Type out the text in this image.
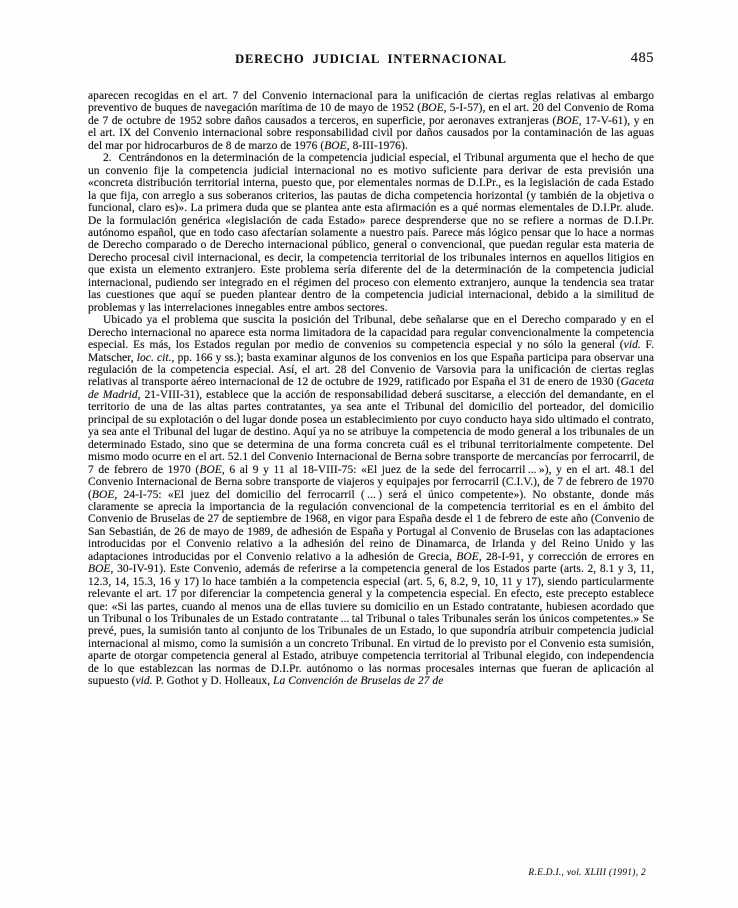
DERECHO JUDICIAL INTERNACIONAL	485

aparecen recogidas en el art. 7 del Convenio internacional para la unificación de ciertas reglas relativas al embargo preventivo de buques de navegación marítima de 10 de mayo de 1952 (BOE, 5-I-57), en el art. 20 del Convenio de Roma de 7 de octubre de 1952 sobre daños causados a terceros, en superficie, por aeronaves extranjeras (BOE, 17-V-61), y en el art. IX del Convenio internacional sobre responsabilidad civil por daños causados por la contaminación de las aguas del mar por hidrocarburos de 8 de marzo de 1976 (BOE, 8-III-1976).

2.  Centrándonos en la determinación de la competencia judicial especial, el Tribunal argumenta que el hecho de que un convenio fije la competencia judicial internacional no es motivo suficiente para derivar de esta previsión una «concreta distribución territorial interna, puesto que, por elementales normas de D.I.Pr., es la legislación de cada Estado la que fija, con arreglo a sus soberanos criterios, las pautas de dicha competencia horizontal (y también de la objetiva o funcional, claro es)». La primera duda que se plantea ante esta afirmación es a qué normas elementales de D.I.Pr. alude. De la formulación genérica «legislación de cada Estado» parece desprenderse que no se refiere a normas de D.I.Pr. autónomo español, que en todo caso afectarían solamente a nuestro país. Parece más lógico pensar que lo hace a normas de Derecho comparado o de Derecho internacional público, general o convencional, que puedan regular esta materia de Derecho procesal civil internacional, es decir, la competencia territorial de los tribunales internos en aquellos litigios en que exista un elemento extranjero. Este problema sería diferente del de la determinación de la competencia judicial internacional, pudiendo ser integrado en el régimen del proceso con elemento extranjero, aunque la tendencia sea tratar las cuestiones que aquí se pueden plantear dentro de la competencia judicial internacional, debido a la similitud de problemas y las interrelaciones innegables entre ambos sectores.

Ubicado ya el problema que suscita la posición del Tribunal, debe señalarse que en el Derecho comparado y en el Derecho internacional no aparece esta norma limitadora de la capacidad para regular convencionalmente la competencia especial. Es más, los Estados regulan por medio de convenios su competencia especial y no sólo la general (vid. F. Matscher, loc. cit., pp. 166 y ss.); basta examinar algunos de los convenios en los que España participa para observar una regulación de la competencia especial. Así, el art. 28 del Convenio de Varsovia para la unificación de ciertas reglas relativas al transporte aéreo internacional de 12 de octubre de 1929, ratificado por España el 31 de enero de 1930 (Gaceta de Madrid, 21-VIII-31), establece que la acción de responsabilidad deberá suscitarse, a elección del demandante, en el territorio de una de las altas partes contratantes, ya sea ante el Tribunal del domicilio del porteador, del domicilio principal de su explotación o del lugar donde posea un establecimiento por cuyo conducto haya sido ultimado el contrato, ya sea ante el Tribunal del lugar de destino. Aquí ya no se atribuye la competencia de modo general a los tribunales de un determinado Estado, sino que se determina de una forma concreta cuál es el tribunal territorialmente competente. Del mismo modo ocurre en el art. 52.1 del Convenio Internacional de Berna sobre transporte de mercancías por ferrocarril, de 7 de febrero de 1970 (BOE, 6 al 9 y 11 al 18-VIII-75: «El juez de la sede del ferrocarril ... »), y en el art. 48.1 del Convenio Internacional de Berna sobre transporte de viajeros y equipajes por ferrocarril (C.I.V.), de 7 de febrero de 1970 (BOE, 24-I-75: «El juez del domicilio del ferrocarril ( ... ) será el único competente»). No obstante, donde más claramente se aprecia la importancia de la regulación convencional de la competencia territorial es en el ámbito del Convenio de Bruselas de 27 de septiembre de 1968, en vigor para España desde el 1 de febrero de este año (Convenio de San Sebastián, de 26 de mayo de 1989, de adhesión de España y Portugal al Convenio de Bruselas con las adaptaciones introducidas por el Convenio relativo a la adhesión del reino de Dinamarca, de Irlanda y del Reino Unido y las adaptaciones introducidas por el Convenio relativo a la adhesión de Grecia, BOE, 28-I-91, y corrección de errores en BOE, 30-IV-91). Este Convenio, además de referirse a la competencia general de los Estados parte (arts. 2, 8.1 y 3, 11, 12.3, 14, 15.3, 16 y 17) lo hace también a la competencia especial (art. 5, 6, 8.2, 9, 10, 11 y 17), siendo particularmente relevante el art. 17 por diferenciar la competencia general y la competencia especial. En efecto, este precepto establece que: «Si las partes, cuando al menos una de ellas tuviere su domicilio en un Estado contratante, hubiesen acordado que un Tribunal o los Tribunales de un Estado contratante ... tal Tribunal o tales Tribunales serán los únicos competentes.» Se prevé, pues, la sumisión tanto al conjunto de los Tribunales de un Estado, lo que supondría atribuir competencia judicial internacional al mismo, como la sumisión a un concreto Tribunal. En virtud de lo previsto por el Convenio esta sumisión, aparte de otorgar competencia general al Estado, atribuye competencia territorial al Tribunal elegido, con independencia de lo que establezcan las normas de D.I.Pr. autónomo o las normas procesales internas que fueran de aplicación al supuesto (vid. P. Gothot y D. Holleaux, La Convención de Bruselas de 27 de

R.E.D.I., vol. XLIII (1991), 2
